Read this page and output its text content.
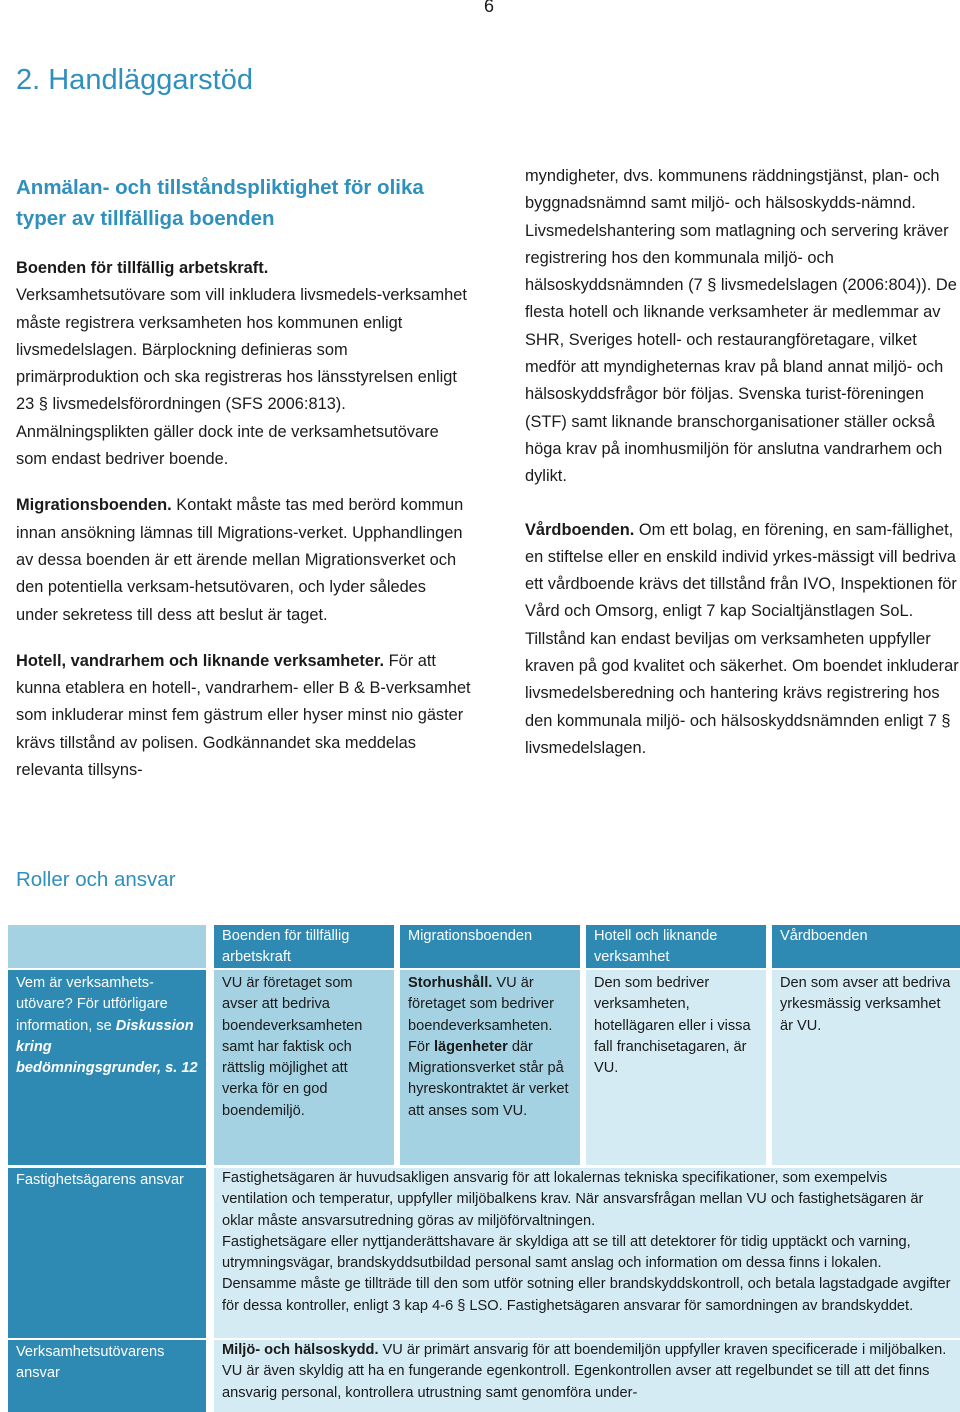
6
2. Handläggarstöd
Anmälan- och tillståndspliktighet för olika typer av tillfälliga boenden

Boenden för tillfällig arbetskraft.
Verksamhetsutövare som vill inkludera livsmedels-verksamhet måste registrera verksamheten hos kommunen enligt livsmedelslagen. Bärplockning definieras som primärproduktion och ska registreras hos länsstyrelsen enligt 23 § livsmedelsförordningen (SFS 2006:813). Anmälningsplikten gäller dock inte de verksamhetsutövare som endast bedriver boende.

Migrationsboenden. Kontakt måste tas med berörd kommun innan ansökning lämnas till Migrations-verket. Upphandlingen av dessa boenden är ett ärende mellan Migrationsverket och den potentiella verksam-hetsutövaren, och lyder således under sekretess till dess att beslut är taget.

Hotell, vandrarhem och liknande verksamheter. För att kunna etablera en hotell-, vandrarhem- eller B & B-verksamhet som inkluderar minst fem gästrum eller hyser minst nio gäster krävs tillstånd av polisen. Godkännandet ska meddelas relevanta tillsyns-

myndigheter, dvs. kommunens räddningstjänst, plan- och byggnadsnämnd samt miljö- och hälsoskydds-nämnd. Livsmedelshantering som matlagning och servering kräver registrering hos den kommunala miljö- och hälsoskyddsnämnden (7 § livsmedelslagen (2006:804)). De flesta hotell och liknande verksamheter är medlemmar av SHR, Sveriges hotell- och restaurangföretagare, vilket medför att myndigheternas krav på bland annat miljö- och hälsoskyddsfrågor bör följas. Svenska turist-föreningen (STF) samt liknande branschorganisationer ställer också höga krav på inomhusmiljön för anslutna vandrarhem och dylikt.

Vårdboenden. Om ett bolag, en förening, en sam-fällighet, en stiftelse eller en enskild individ yrkes-mässigt vill bedriva ett vårdboende krävs det tillstånd från IVO, Inspektionen för Vård och Omsorg, enligt 7 kap Socialtjänstlagen SoL. Tillstånd kan endast beviljas om verksamheten uppfyller kraven på god kvalitet och säkerhet. Om boendet inkluderar livsmedelsberedning och hantering krävs registrering hos den kommunala miljö- och hälsoskyddsnämnden enligt 7 § livsmedelslagen.

Roller och ansvar
Boenden för tillfällig arbetskraft
Migrationsboenden	Hotell och liknande verksamhet
Vårdboenden
Vem är verksamhets-utövare? För utförligare information, se Diskussion kring bedömningsgrunder, s. 12
VU är företaget som avser att bedriva boendeverksamheten samt har faktisk och rättslig möjlighet att verka för en god boendemiljö.
Storhushåll. VU är företaget som bedriver boendeverksamheten. För lägenheter där Migrationsverket står på hyreskontraktet är verket att anses som VU.
Den som bedriver verksamheten, hotellägaren eller i vissa fall franchisetagaren, är VU.
Den som avser att bedriva yrkesmässig verksamhet är VU.
Fastighetsägarens ansvar	Fastighetsägaren är huvudsakligen ansvarig för att lokalernas tekniska specifikationer, som exempelvis ventilation och temperatur, uppfyller miljöbalkens krav. När ansvarsfrågan mellan VU och fastighetsägaren är oklar måste ansvarsutredning göras av miljöförvaltningen.
Fastighetsägare eller nyttjanderättshavare är skyldiga att se till att detektorer för tidig upptäckt och varning, utrymningsvägar, brandskyddsutbildad personal samt anslag och information om dessa finns i lokalen. Densamme måste ge tillträde till den som utför sotning eller brandskyddskontroll, och betala lagstadgade avgifter för dessa kontroller, enligt 3 kap 4-6 § LSO. Fastighetsägaren ansvarar för samordningen av brandskyddet.
Verksamhetsutövarens ansvar
Miljö- och hälsoskydd. VU är primärt ansvarig för att boendemiljön uppfyller kraven specificerade i miljöbalken. VU är även skyldig att ha en fungerande egenkontroll. Egenkontrollen avser att regelbundet se till att det finns ansvarig personal, kontrollera utrustning samt genomföra under-
